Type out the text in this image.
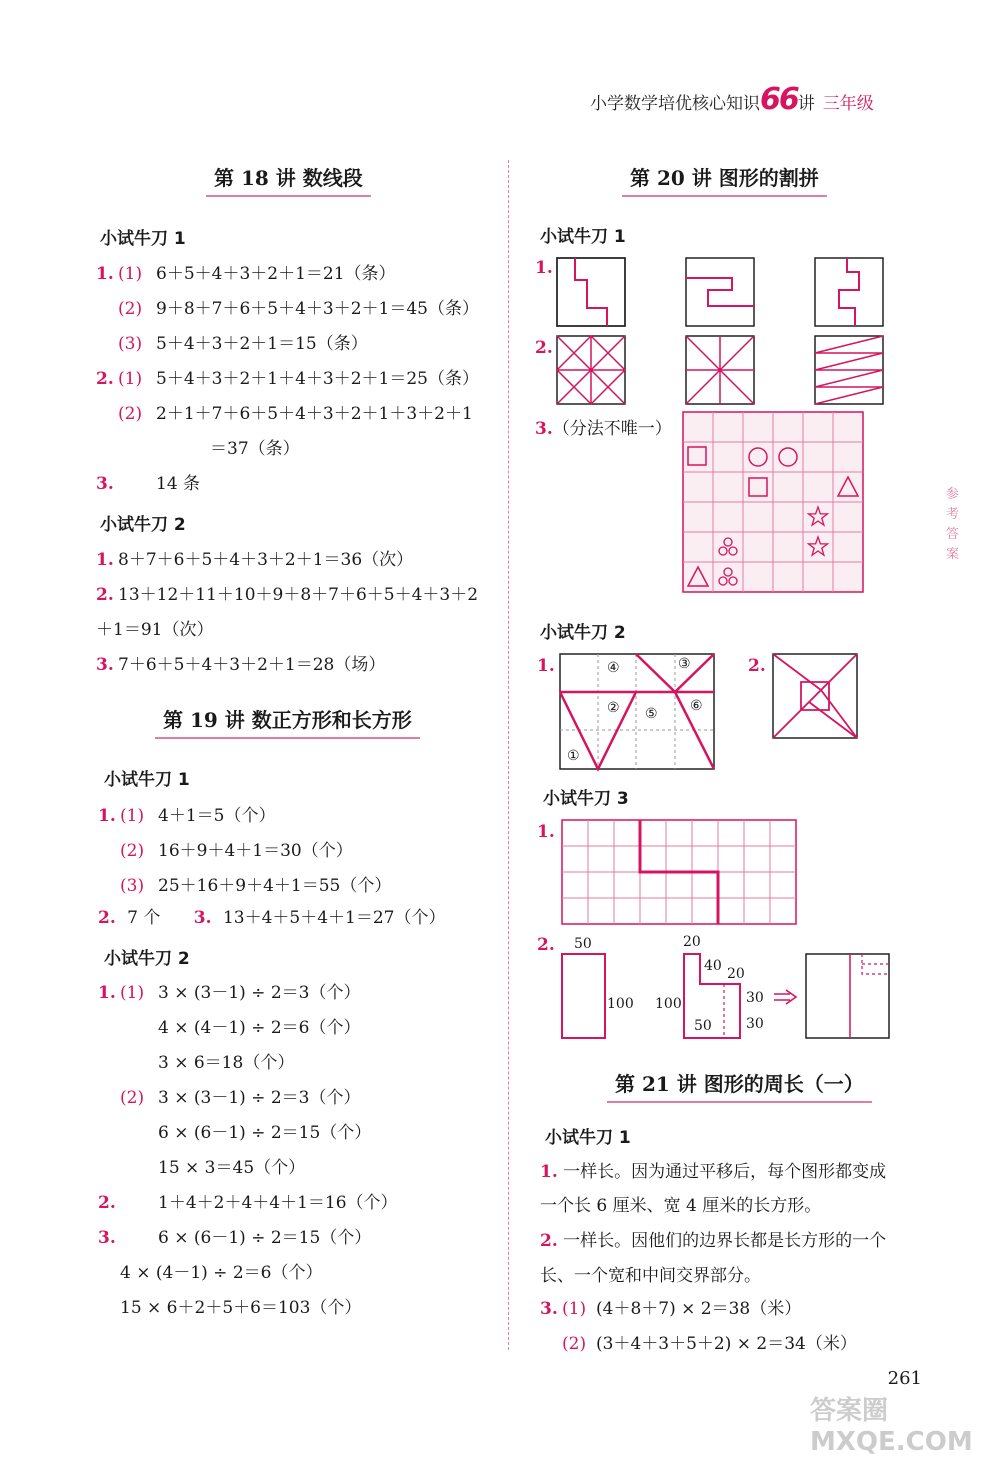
小学数学培优核心知识66讲 三年级
参
考
答
案
第 18 讲 数线段
小试牛刀 1
1. (1) 6＋5＋4＋3＋2＋1＝21（条）
(2) 9＋8＋7＋6＋5＋4＋3＋2＋1＝45（条）
(3) 5＋4＋3＋2＋1＝15（条）
2. (1) 5＋4＋3＋2＋1＋4＋3＋2＋1＝25（条）
(2) 2＋1＋7＋6＋5＋4＋3＋2＋1＋3＋2＋1
＝37（条）
3. 14 条
小试牛刀 2
1. 8＋7＋6＋5＋4＋3＋2＋1＝36（次）
2. 13＋12＋11＋10＋9＋8＋7＋6＋5＋4＋3＋2
＋1＝91（次）
3. 7＋6＋5＋4＋3＋2＋1＝28（场）
第 19 讲 数正方形和长方形
小试牛刀 1
1. (1) 4＋1＝5（个）
(2) 16＋9＋4＋1＝30（个）
(3) 25＋16＋9＋4＋1＝55（个）
2. 7 个 3. 13＋4＋5＋4＋1＝27（个）
小试牛刀 2
1. (1) 3 × (3－1) ÷ 2＝3（个）
4 × (4－1) ÷ 2＝6（个）
3 × 6＝18（个）
(2) 3 × (3－1) ÷ 2＝3（个）
6 × (6－1) ÷ 2＝15（个）
15 × 3＝45（个）
2. 1＋4＋2＋4＋4＋1＝16（个）
3. 6 × (6－1) ÷ 2＝15（个）
4 × (4－1) ÷ 2＝6（个）
15 × 6＋2＋5＋6＝103（个）
第 20 讲 图形的割拼
小试牛刀 1
1.
2.
3.（分法不唯一）
小试牛刀 2
1.	2.
④	③
② ⑤ ⑥
①
小试牛刀 3
1.
2. 50
100
20
40 20
100
50
30
30
第 21 讲 图形的周长（一）
小试牛刀 1
1. 一样长。因为通过平移后，每个图形都变成
一个长 6 厘米、宽 4 厘米的长方形。
2. 一样长。因他们的边界长都是长方形的一个
长、一个宽和中间交界部分。
3. (1) (4＋8＋7) × 2＝38（米）
(2) (3＋4＋3＋5＋2) × 2＝34（米）
261
答案圈 MXQE.COM
